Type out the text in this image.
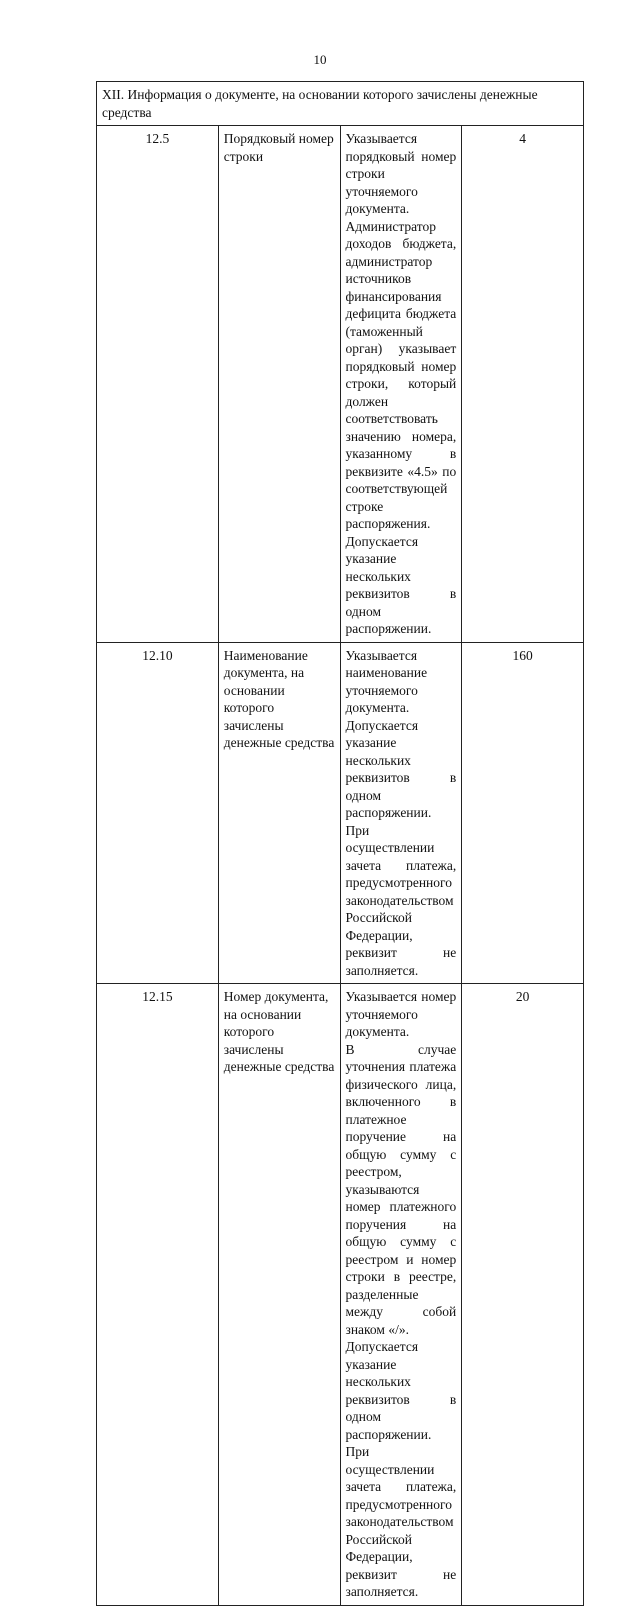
10
XII. Информация о документе, на основании которого зачислены денежные средства			
12.5	Порядковый номер строки	Указывается порядковый номер строки уточняемого документа.
Администратор доходов бюджета, администратор источников финансирования дефицита бюджета (таможенный орган) указывает порядковый номер строки, который должен соответствовать значению номера, указанному в реквизите «4.5» по соответствующей строке распоряжения.
Допускается указание нескольких реквизитов в одном распоряжении.	4
12.10	Наименование документа, на основании которого зачислены денежные средства	Указывается наименование уточняемого документа.
Допускается указание нескольких реквизитов в одном распоряжении.
При осуществлении зачета платежа, предусмотренного законодательством Российской Федерации, реквизит не заполняется.	160
12.15	Номер документа, на основании которого зачислены денежные средства	Указывается номер уточняемого документа.
В случае уточнения платежа физического лица, включенного в платежное поручение на общую сумму с реестром, указываются номер платежного поручения на общую сумму с реестром и номер строки в реестре, разделенные между собой знаком «/».
Допускается указание нескольких реквизитов в одном распоряжении.
При осуществлении зачета платежа, предусмотренного законодательством Российской Федерации, реквизит не заполняется.	20
